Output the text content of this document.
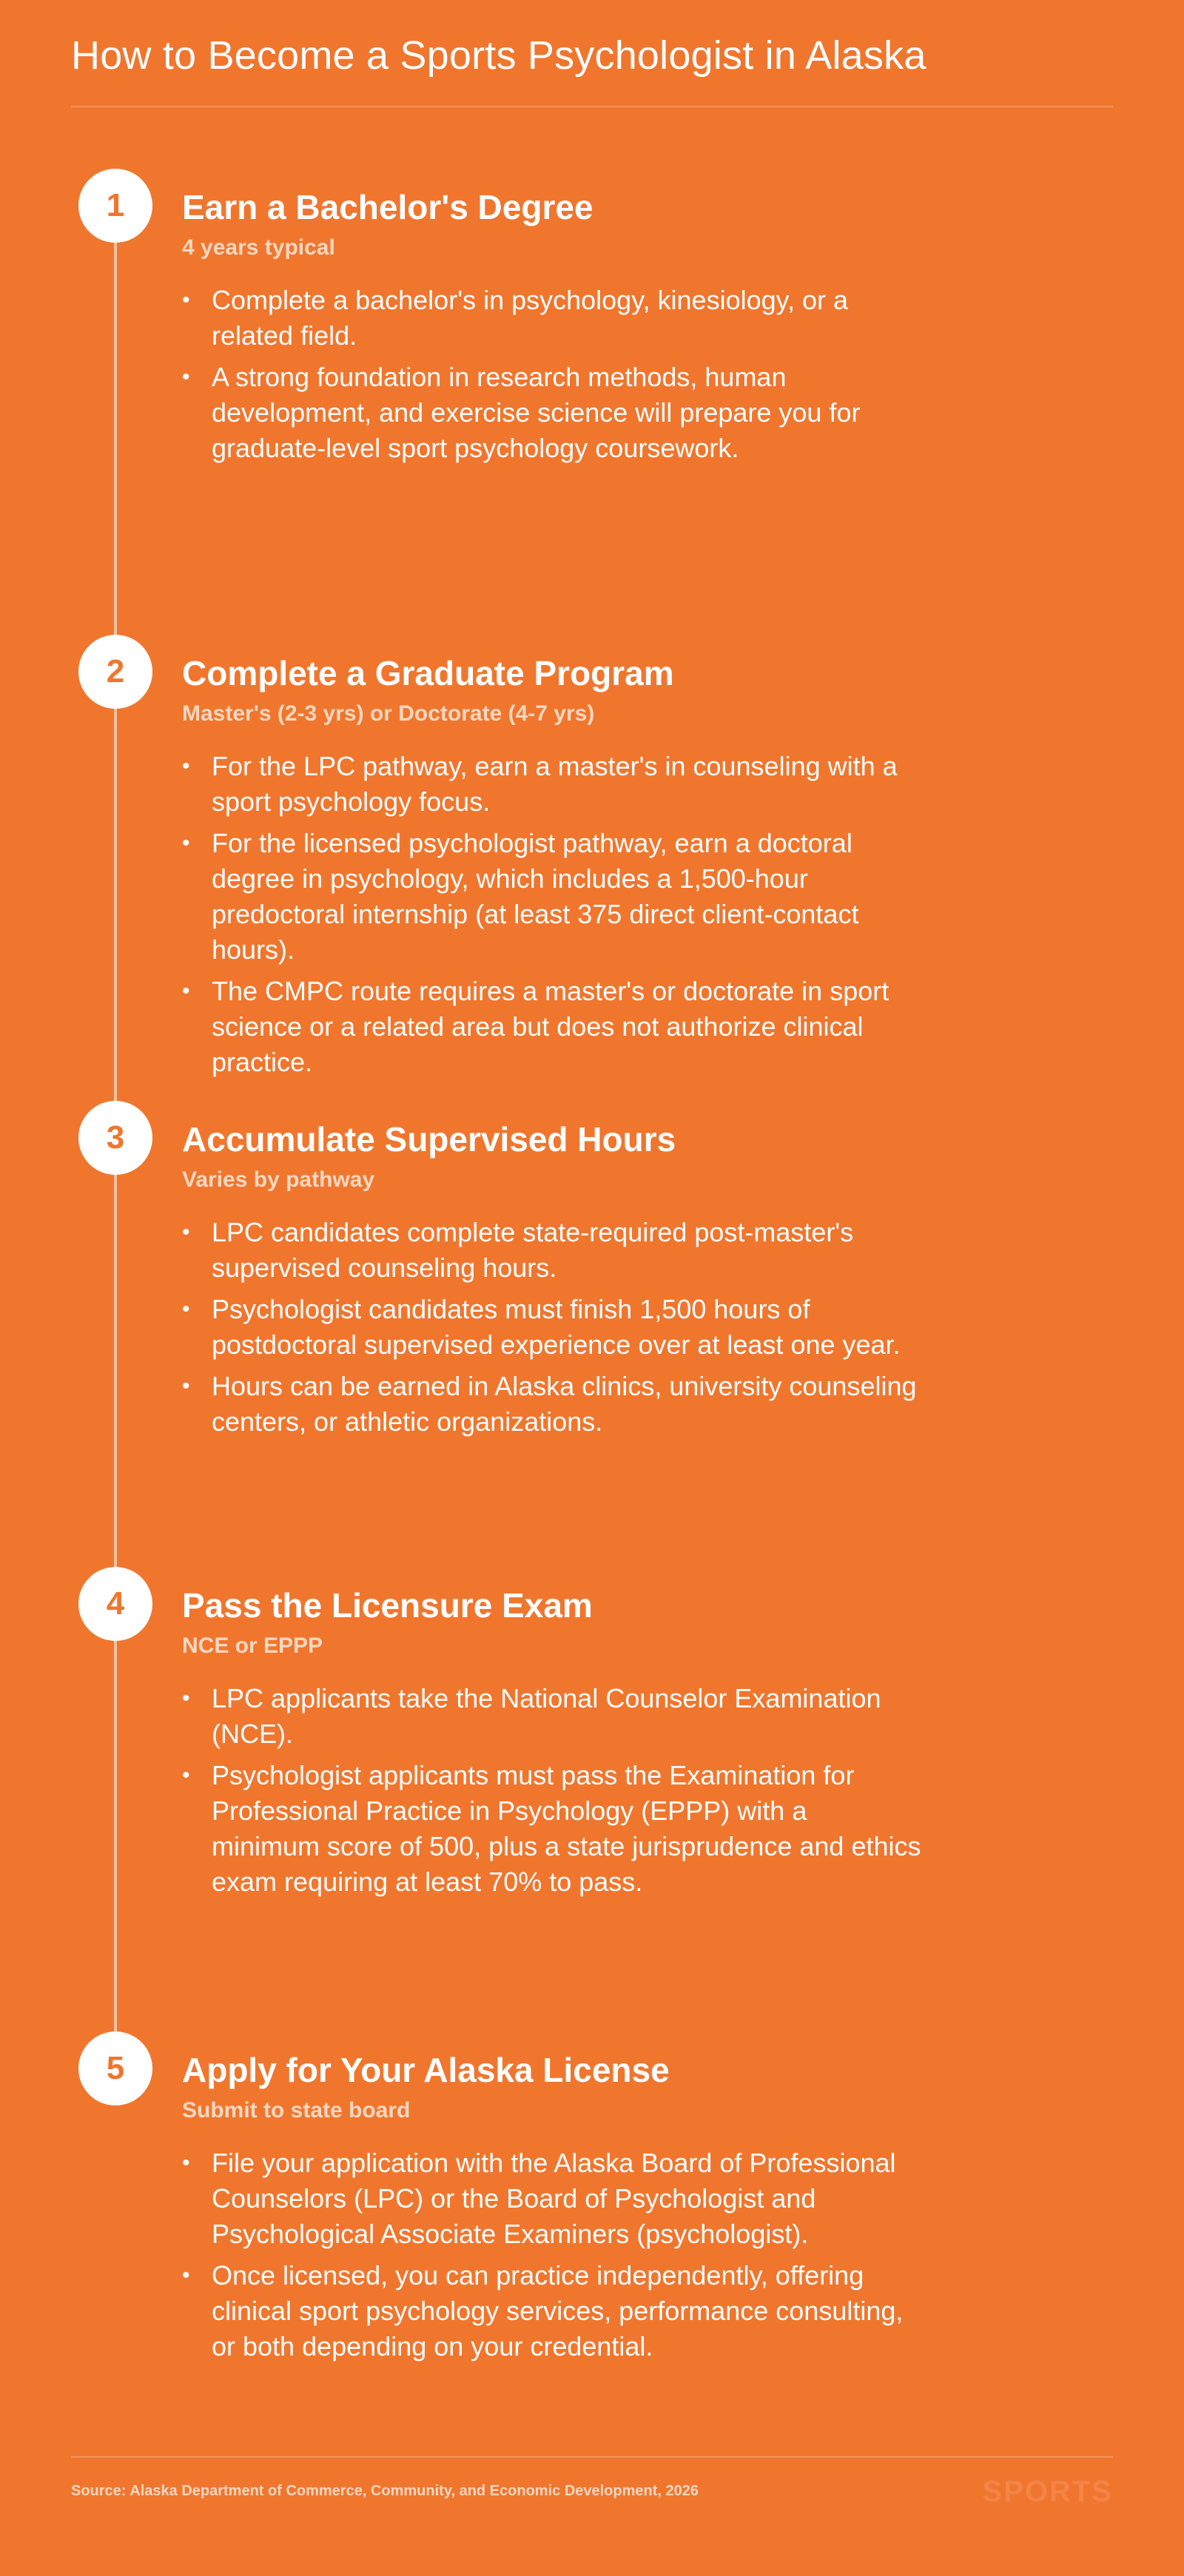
How to Become a Sports Psychologist in Alaska
1	Earn a Bachelor's Degree
4 years typical
• Complete a bachelor's in psychology, kinesiology, or a related field.
• A strong foundation in research methods, human development, and exercise science will prepare you for graduate-level sport psychology coursework.
2	Complete a Graduate Program
Master's (2-3 yrs) or Doctorate (4-7 yrs)
• For the LPC pathway, earn a master's in counseling with a sport psychology focus.
• For the licensed psychologist pathway, earn a doctoral degree in psychology, which includes a 1,500-hour predoctoral internship (at least 375 direct client-contact hours).
• The CMPC route requires a master's or doctorate in sport science or a related area but does not authorize clinical practice.
3	Accumulate Supervised Hours
Varies by pathway
• LPC candidates complete state-required post-master's supervised counseling hours.
• Psychologist candidates must finish 1,500 hours of postdoctoral supervised experience over at least one year.
• Hours can be earned in Alaska clinics, university counseling centers, or athletic organizations.
4	Pass the Licensure Exam
NCE or EPPP
• LPC applicants take the National Counselor Examination (NCE).
• Psychologist applicants must pass the Examination for Professional Practice in Psychology (EPPP) with a minimum score of 500, plus a state jurisprudence and ethics exam requiring at least 70% to pass.
5	Apply for Your Alaska License
Submit to state board
• File your application with the Alaska Board of Professional Counselors (LPC) or the Board of Psychologist and Psychological Associate Examiners (psychologist).
• Once licensed, you can practice independently, offering clinical sport psychology services, performance consulting, or both depending on your credential.
Source: Alaska Department of Commerce, Community, and Economic Development, 2026	SPORTS
